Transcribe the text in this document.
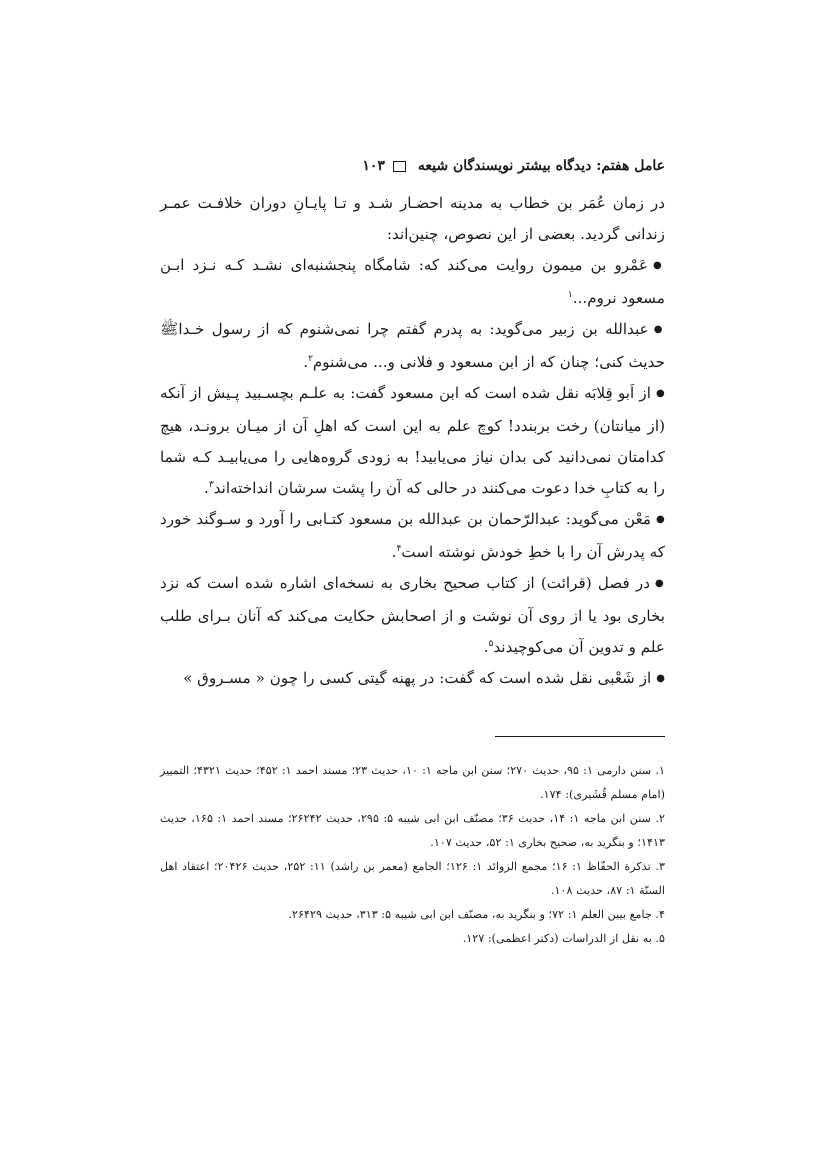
عامل هفتم: دیدگاه بیشتر نویسندگان شیعه
۱۰۳

در زمان عُمَر بن خطاب به مدینه احضـار شـد و تـا پایـانِ دوران خلافـت عمـر زندانی گردید. بعضی از این نصوص، چنین‌اند:

● عَمْرو بن میمون روایت می‌کند که: شامگاه پنجشنبه‌ای نشـد کـه نـزد ابـن مسعود نروم...$^۱$

● عبدالله بن زبیر می‌گوید: به پدرم گفتم چرا نمی‌شنوم که از رسول خـداﷺ حدیث کنی؛ چنان که از ابن مسعود و فلانی و... می‌شنوم$^۲$.

● از اَبو قِلابَه نقل شده است که ابن مسعود گفت: به علـم بچسـبید پـیش از آنکه (از میانتان) رخت بربندد! کوچ علم به این است که اهلِ آن از میـان برونـد، هیچ کدامتان نمی‌دانید کی بدان نیاز می‌یابید! به زودی گروه‌هایی را می‌یابیـد کـه شما را به کتابِ خدا دعوت می‌کنند در حالی که آن را پشت سرشان انداخته‌اند$^۳$.

● مَعْن می‌گوید: عبدالرّحمان بن عبدالله بن مسعود کتـابی را آورد و سـوگند خورد که پدرش آن را با خطِ خودش نوشته است$^۴$.

● در فصل (قرائت) از کتاب صحیح بخاری به نسخه‌ای اشاره شده است که نزد بخاری بود یا از روی آن نوشت و از اصحابش حکایت می‌کند که آنان بـرای طلب علم و تدوین آن می‌کوچیدند$^۵$.

● از شَعْبی نقل شده است که گفت: در پهنه گیتی کسی را چون « مسـروق »

۱. سنن دارمی ۱: ۹۵، حدیث ۲۷۰؛ سنن ابن ماجه ۱: ۱۰، حدیث ۲۳؛ مسند احمد ۱: ۴۵۲؛ حدیث ۴۳۲۱؛ التمییز (امام مسلم قُشَیری): ۱۷۴.

۲. سنن ابن ماجه ۱: ۱۴، حدیث ۳۶؛ مصنّف ابن ابی شیبه ۵: ۲۹۵، حدیث ۲۶۲۴۲؛ مسند احمد ۱: ۱۶۵، حدیث ۱۴۱۳؛ و بنگرید به، صحیح بخاری ۱: ۵۲، حدیث ۱۰۷.

۳. تذکرة الحفّاظ ۱: ۱۶؛ مجمع الزوائد ۱: ۱۲۶؛ الجامع (معمر بن راشد) ۱۱: ۲۵۲، حدیث ۲۰۴۲۶؛ اعتقاد اهل السنّة ۱: ۸۷، حدیث ۱۰۸.

۴. جامع بیین العلم ۱: ۷۲؛ و بنگرید به، مصنّف ابن ابی شیبه ۵: ۳۱۳، حدیث ۲۶۴۲۹.

۵. به نقل از الدراسات (دکتر اعظمی): ۱۲۷.
